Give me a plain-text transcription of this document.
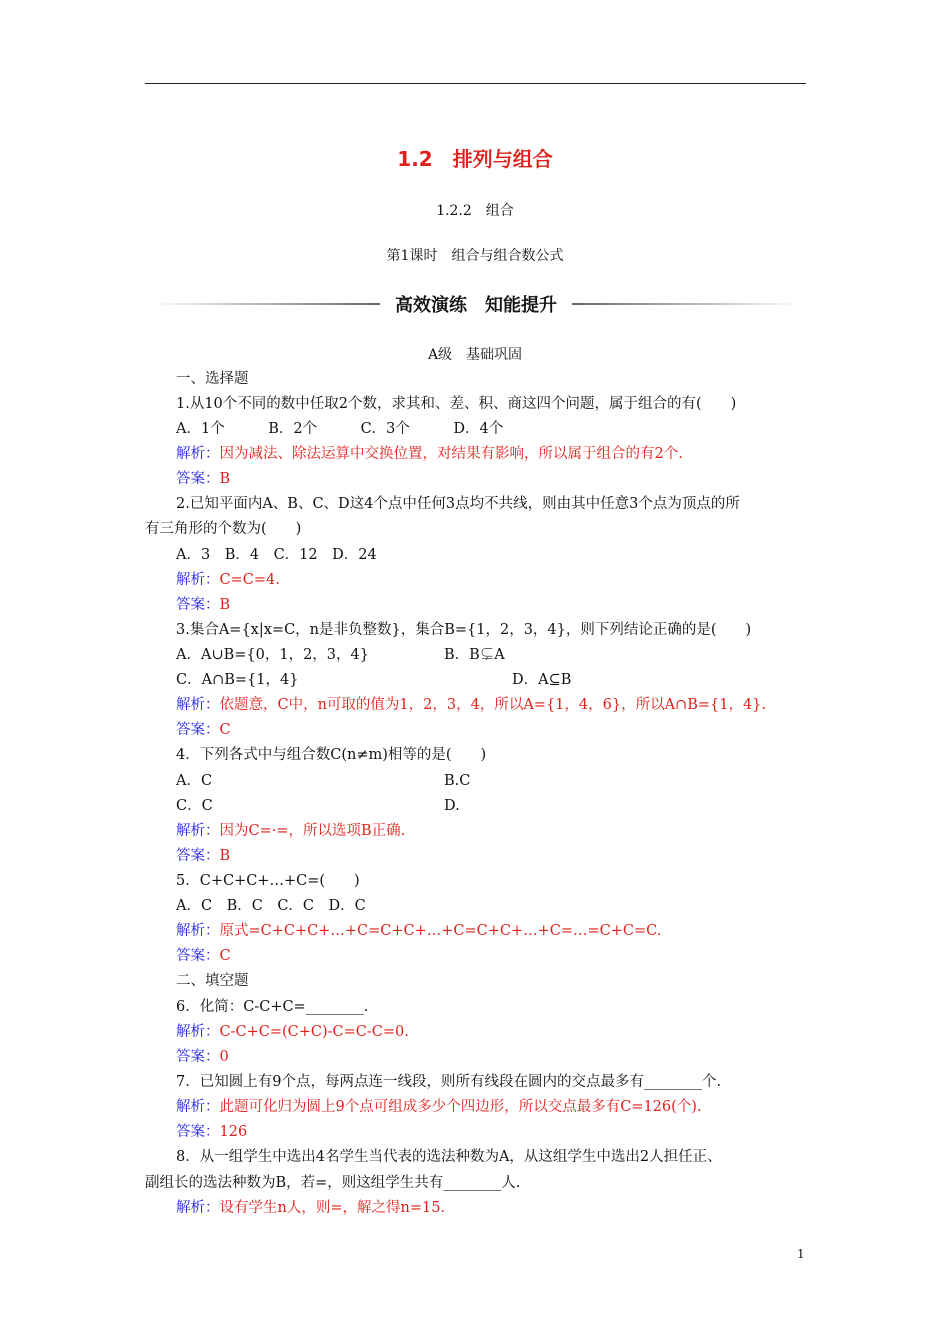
1.2　排列与组合
1.2.2　组合
第1课时　组合与组合数公式
高效演练　知能提升
A级　基础巩固
一、选择题
1.从10个不同的数中任取2个数，求其和、差、积、商这四个问题，属于组合的有(　　)
A．1个　　　B．2个　　　C．3个　　　D．4个
解析：因为减法、除法运算中交换位置，对结果有影响，所以属于组合的有2个.
答案：B
2.已知平面内A、B、C、D这4个点中任何3点均不共线，则由其中任意3个点为顶点的所
有三角形的个数为(　　)
A．3　B．4　C．12　D．24
解析：C=C=4.
答案：B
3.集合A={x|x=C，n是非负整数}，集合B={1，2，3，4}，则下列结论正确的是(　　)
A．A∪B={0，1，2，3，4}	B．B⊊A
C．A∩B={1，4}	D．A⊆B
解析：依题意，C中，n可取的值为1，2，3，4，所以A={1，4，6}，所以A∩B={1，4}.
答案：C
4．下列各式中与组合数C(n≠m)相等的是(　　)
A．C	B.C
C．C	D.
解析：因为C=·=，所以选项B正确.
答案：B
5．C+C+C+…+C=(　　)
A．C　B．C　C．C　D．C
解析：原式=C+C+C+…+C=C+C+…+C=C+C+…+C=…=C+C=C.
答案：C
二、填空题
6．化简：C-C+C=________.
解析：C-C+C=(C+C)-C=C-C=0.
答案：0
7．已知圆上有9个点，每两点连一线段，则所有线段在圆内的交点最多有________个.
解析：此题可化归为圆上9个点可组成多少个四边形，所以交点最多有C=126(个).
答案：126
8．从一组学生中选出4名学生当代表的选法种数为A，从这组学生中选出2人担任正、
副组长的选法种数为B，若=，则这组学生共有________人.
解析：设有学生n人，则=，解之得n=15.
1
